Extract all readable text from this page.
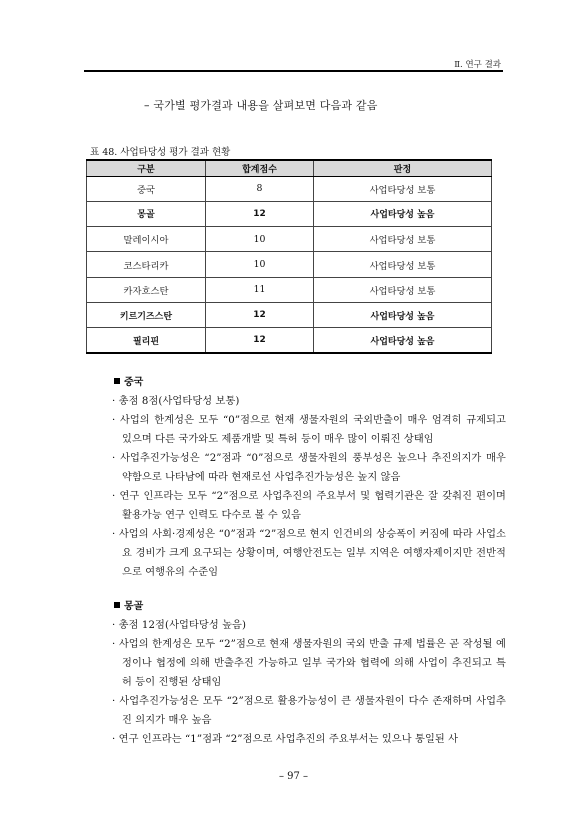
Ⅱ. 연구 결과
– 국가별 평가결과 내용을 살펴보면 다음과 같음
표 48. 사업타당성 평가 결과 현황
구분	합계점수	판정
중국	8	사업타당성 보통
몽골	12	사업타당성 높음
말레이시아	10	사업타당성 보통
코스타리카	10	사업타당성 보통
카자흐스탄	11	사업타당성 보통
키르기즈스탄	12	사업타당성 높음
필리핀	12	사업타당성 높음
중국
· 총점 8점(사업타당성 보통)
· 사업의 한계성은 모두 “0”점으로 현재 생물자원의 국외반출이 매우 엄격히 규제되고 있으며 다른 국가와도 제품개발 및 특허 등이 매우 많이 이뤄진 상태임
· 사업추진가능성은 “2”점과 “0”점으로 생물자원의 풍부성은 높으나 추진의지가 매우 약함으로 나타남에 따라 현재로선 사업추진가능성은 높지 않음
· 연구 인프라는 모두 “2”점으로 사업추진의 주요부서 및 협력기관은 잘 갖춰진 편이며 활용가능 연구 인력도 다수로 볼 수 있음
· 사업의 사회·경제성은 “0”점과 “2”점으로 현지 인건비의 상승폭이 커짐에 따라 사업소요 경비가 크게 요구되는 상황이며, 여행안전도는 일부 지역은 여행자제이지만 전반적으로 여행유의 수준임
몽골
· 총점 12점(사업타당성 높음)
· 사업의 한계성은 모두 “2”점으로 현재 생물자원의 국외 반출 규제 법률은 곧 작성될 예정이나 협정에 의해 반출추진 가능하고 일부 국가와 협력에 의해 사업이 추진되고 특허 등이 진행된 상태임
· 사업추진가능성은 모두 “2”점으로 활용가능성이 큰 생물자원이 다수 존재하며 사업추진 의지가 매우 높음
· 연구 인프라는 “1”점과 “2”점으로 사업추진의 주요부서는 있으나 통일된 사
– 97 –
